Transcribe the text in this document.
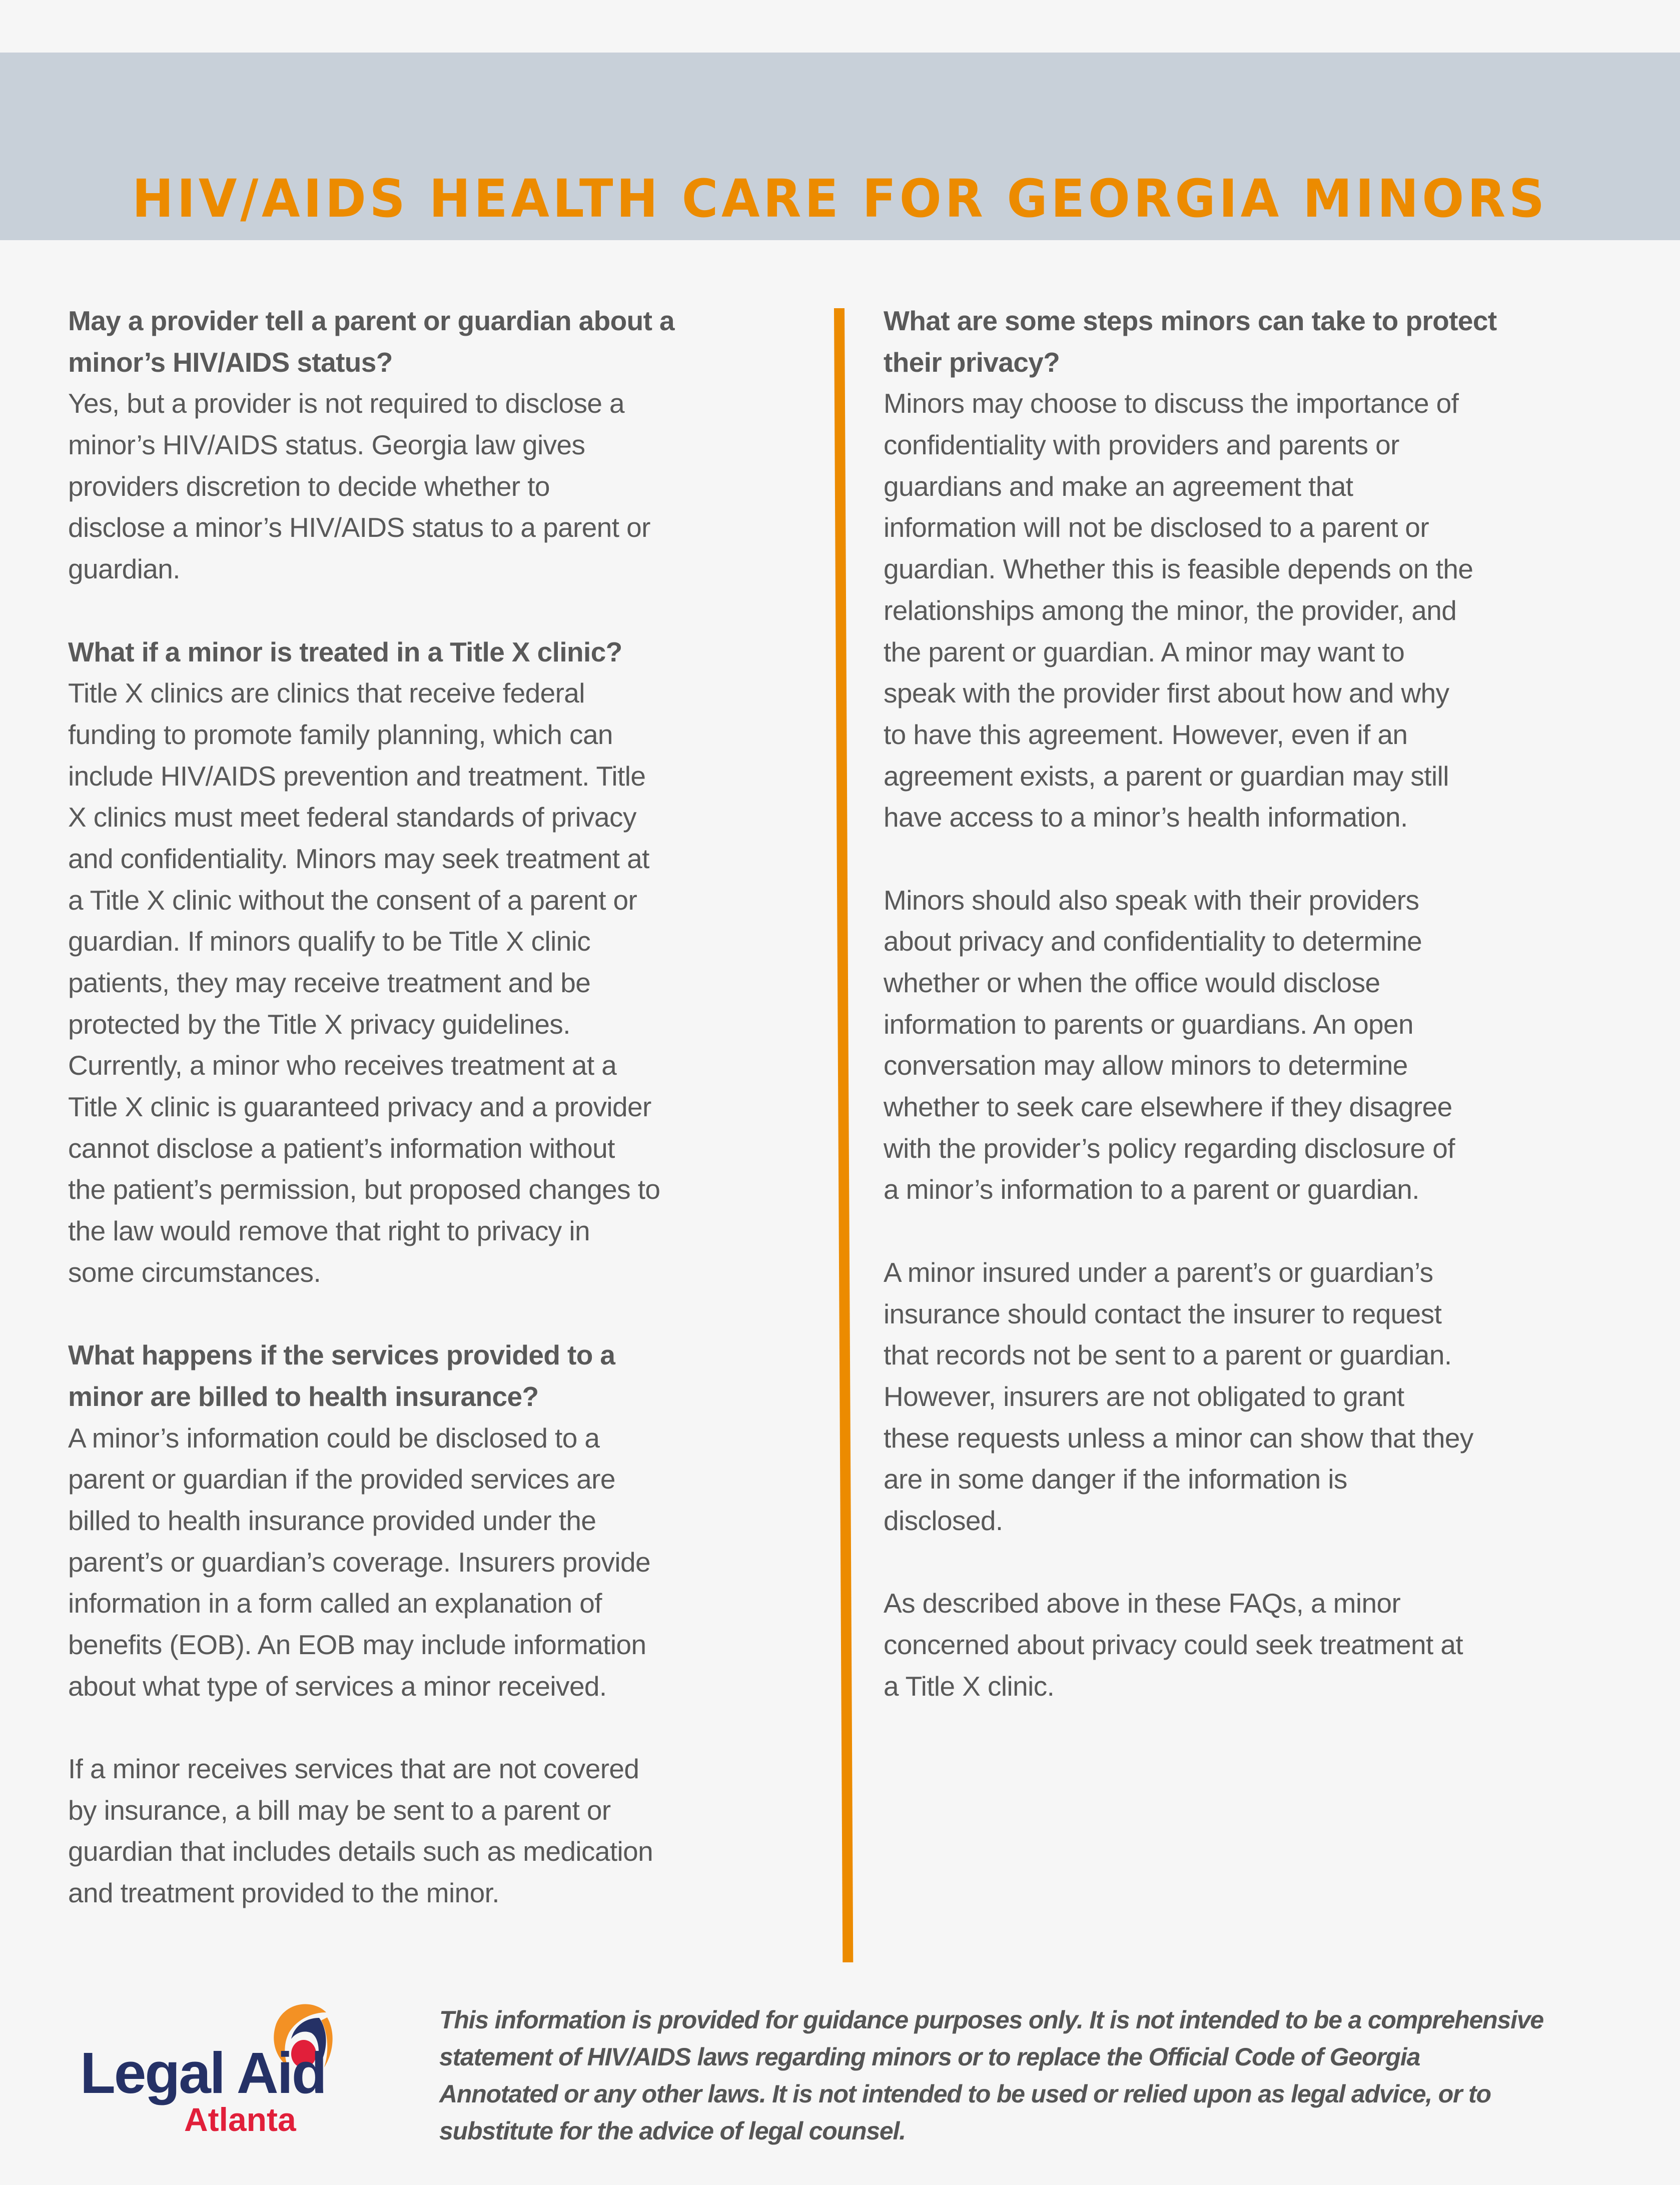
HIV/AIDS HEALTH CARE FOR GEORGIA MINORS
May a provider tell a parent or guardian about a
minor’s HIV/AIDS status?
Yes, but a provider is not required to disclose a
minor’s HIV/AIDS status. Georgia law gives
providers discretion to decide whether to
disclose a minor’s HIV/AIDS status to a parent or
guardian.
What if a minor is treated in a Title X clinic?
Title X clinics are clinics that receive federal
funding to promote family planning, which can
include HIV/AIDS prevention and treatment. Title
X clinics must meet federal standards of privacy
and confidentiality. Minors may seek treatment at
a Title X clinic without the consent of a parent or
guardian. If minors qualify to be Title X clinic
patients, they may receive treatment and be
protected by the Title X privacy guidelines.
Currently, a minor who receives treatment at a
Title X clinic is guaranteed privacy and a provider
cannot disclose a patient’s information without
the patient’s permission, but proposed changes to
the law would remove that right to privacy in
some circumstances.
What happens if the services provided to a
minor are billed to health insurance?
A minor’s information could be disclosed to a
parent or guardian if the provided services are
billed to health insurance provided under the
parent’s or guardian’s coverage. Insurers provide
information in a form called an explanation of
benefits (EOB). An EOB may include information
about what type of services a minor received.
If a minor receives services that are not covered
by insurance, a bill may be sent to a parent or
guardian that includes details such as medication
and treatment provided to the minor.
What are some steps minors can take to protect
their privacy?
Minors may choose to discuss the importance of
confidentiality with providers and parents or
guardians and make an agreement that
information will not be disclosed to a parent or
guardian. Whether this is feasible depends on the
relationships among the minor, the provider, and
the parent or guardian. A minor may want to
speak with the provider first about how and why
to have this agreement. However, even if an
agreement exists, a parent or guardian may still
have access to a minor’s health information.
Minors should also speak with their providers
about privacy and confidentiality to determine
whether or when the office would disclose
information to parents or guardians. An open
conversation may allow minors to determine
whether to seek care elsewhere if they disagree
with the provider’s policy regarding disclosure of
a minor’s information to a parent or guardian.
A minor insured under a parent’s or guardian’s
insurance should contact the insurer to request
that records not be sent to a parent or guardian.
However, insurers are not obligated to grant
these requests unless a minor can show that they
are in some danger if the information is
disclosed.
As described above in these FAQs, a minor
concerned about privacy could seek treatment at
a Title X clinic.
Legal Aid
Atlanta
This information is provided for guidance purposes only. It is not intended to be a comprehensive
statement of HIV/AIDS laws regarding minors or to replace the Official Code of Georgia
Annotated or any other laws. It is not intended to be used or relied upon as legal advice, or to
substitute for the advice of legal counsel.
